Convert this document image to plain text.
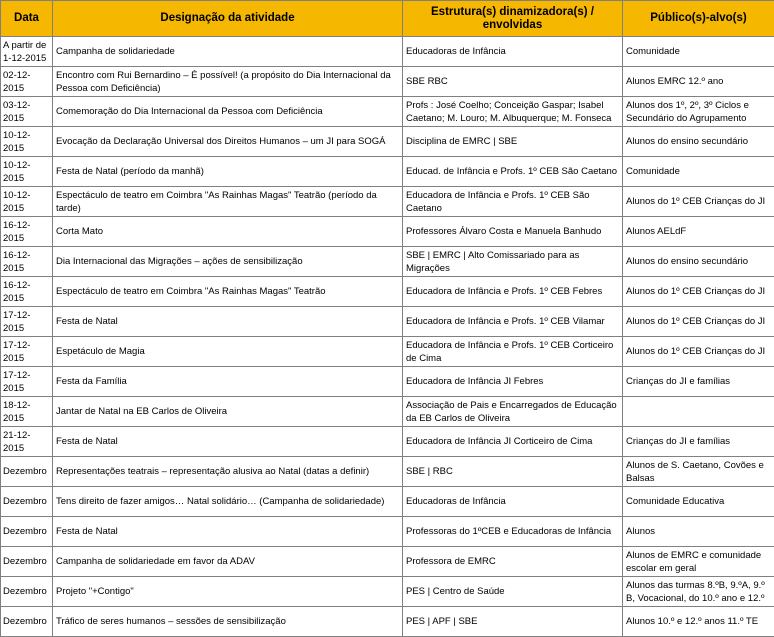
Data	Designação da atividade	Estrutura(s) dinamizadora(s) / envolvidas	Público(s)-alvo(s)
A partir de 1-12-2015	Campanha de solidariedade	Educadoras de Infância	Comunidade
02-12-2015	Encontro com Rui Bernardino – É possível! (a propósito do Dia Internacional da Pessoa com Deficiência)	SBE RBC	Alunos EMRC 12.º ano
03-12-2015	Comemoração do Dia Internacional da Pessoa com Deficiência	Profs : José Coelho; Conceição Gaspar; Isabel Caetano; M. Louro; M. Albuquerque; M. Fonseca	Alunos dos 1º, 2º, 3º Ciclos e Secundário do Agrupamento
10-12-2015	Evocação da Declaração Universal dos Direitos Humanos – um JI para SOGÁ	Disciplina de EMRC | SBE	Alunos do ensino secundário
10-12-2015	Festa de Natal (período da manhã)	Educad. de Infância e Profs. 1º CEB São Caetano	Comunidade
10-12-2015	Espectáculo de teatro em Coimbra "As Rainhas Magas" Teatrão (período da tarde)	Educadora de Infância e Profs. 1º CEB São Caetano	Alunos do 1º CEB Crianças do JI
16-12-2015	Corta Mato	Professores Álvaro Costa e Manuela Banhudo	Alunos AELdF
16-12-2015	Dia Internacional das Migrações – ações de sensibilização	SBE | EMRC | Alto Comissariado para as Migrações	Alunos do ensino secundário
16-12-2015	Espectáculo de teatro em Coimbra "As Rainhas Magas" Teatrão	Educadora de Infância e Profs. 1º CEB Febres	Alunos do 1º CEB Crianças do JI
17-12-2015	Festa de Natal	Educadora de Infância e Profs. 1º CEB Vilamar	Alunos do 1º CEB Crianças do JI
17-12-2015	Espetáculo de Magia	Educadora de Infância e Profs. 1º CEB Corticeiro de Cima	Alunos do 1º CEB Crianças do JI
17-12-2015	Festa da Família	Educadora de Infância JI Febres	Crianças do JI e famílias
18-12-2015	Jantar de Natal na EB Carlos de Oliveira	Associação de Pais e Encarregados de Educação da EB Carlos de Oliveira	
21-12-2015	Festa de Natal	Educadora de Infância JI Corticeiro de Cima	Crianças do JI e famílias
Dezembro	Representações teatrais – representação alusiva ao Natal (datas a definir)	SBE | RBC	Alunos de S. Caetano, Covões e Balsas
Dezembro	Tens direito de fazer amigos… Natal solidário… (Campanha de solidariedade)	Educadoras de Infância	Comunidade Educativa
Dezembro	Festa de Natal	Professoras do 1ºCEB e Educadoras de Infância	Alunos
Dezembro	Campanha de solidariedade em favor da ADAV	Professora de EMRC	Alunos de EMRC e comunidade escolar em geral
Dezembro	Projeto "+Contigo"	PES | Centro de Saúde	Alunos das turmas 8.ºB, 9.ºA, 9.º B, Vocacional, do 10.º ano e 12.º
Dezembro	Tráfico de seres humanos – sessões de sensibilização	PES | APF | SBE	Alunos 10.º e 12.º anos 11.º TE
